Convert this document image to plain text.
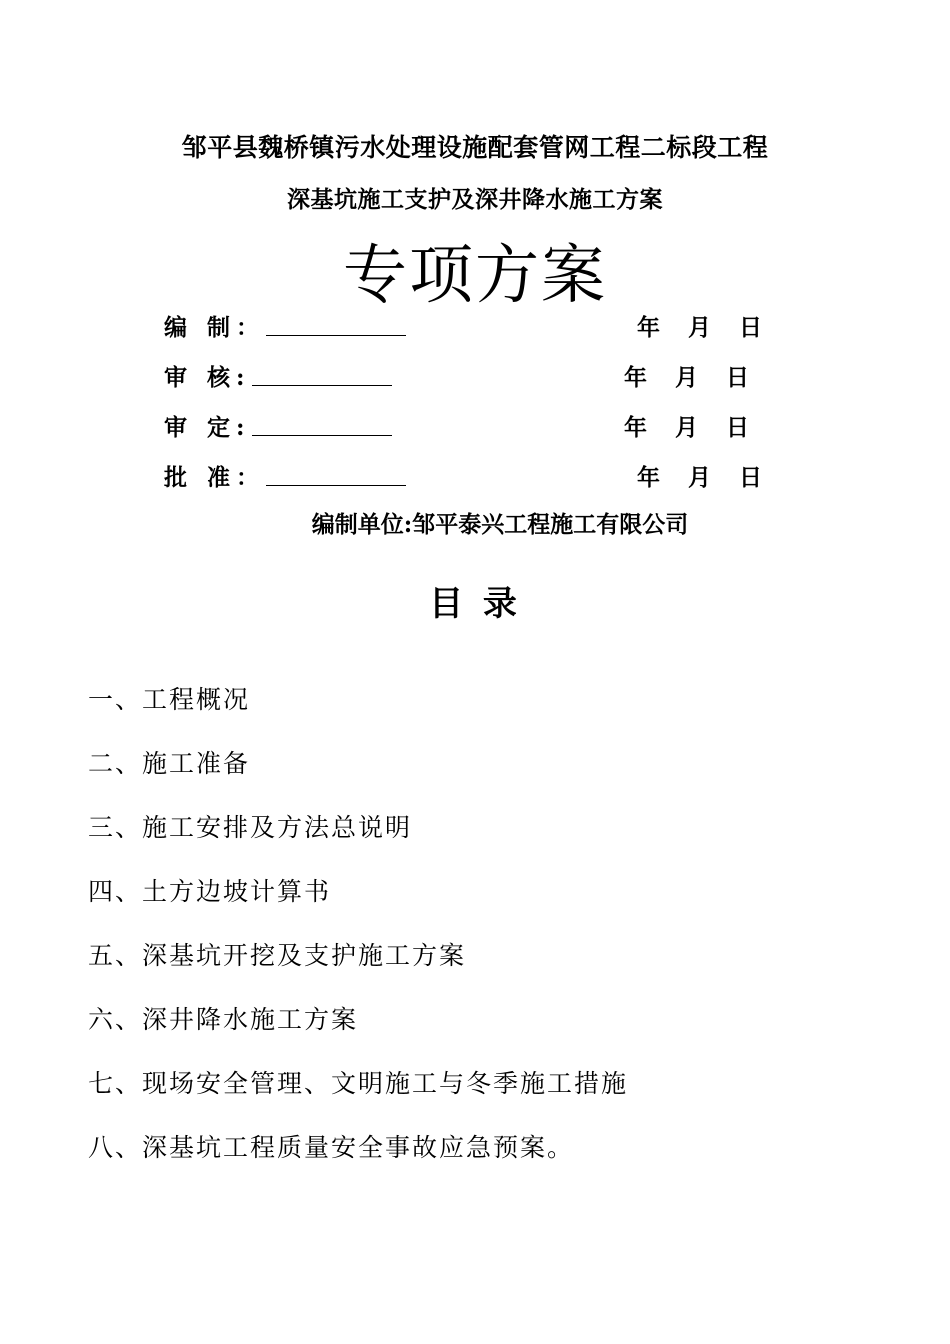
邹平县魏桥镇污水处理设施配套管网工程二标段工程
深基坑施工支护及深井降水施工方案
专项方案
编 制：	年 月 日
审 核:	年 月 日
审 定:	年 月 日
批 准：	年 月 日
编制单位:邹平泰兴工程施工有限公司
目 录
一、工程概况
二、施工准备
三、施工安排及方法总说明
四、土方边坡计算书
五、深基坑开挖及支护施工方案
六、深井降水施工方案
七、现场安全管理、文明施工与冬季施工措施
八、深基坑工程质量安全事故应急预案。
